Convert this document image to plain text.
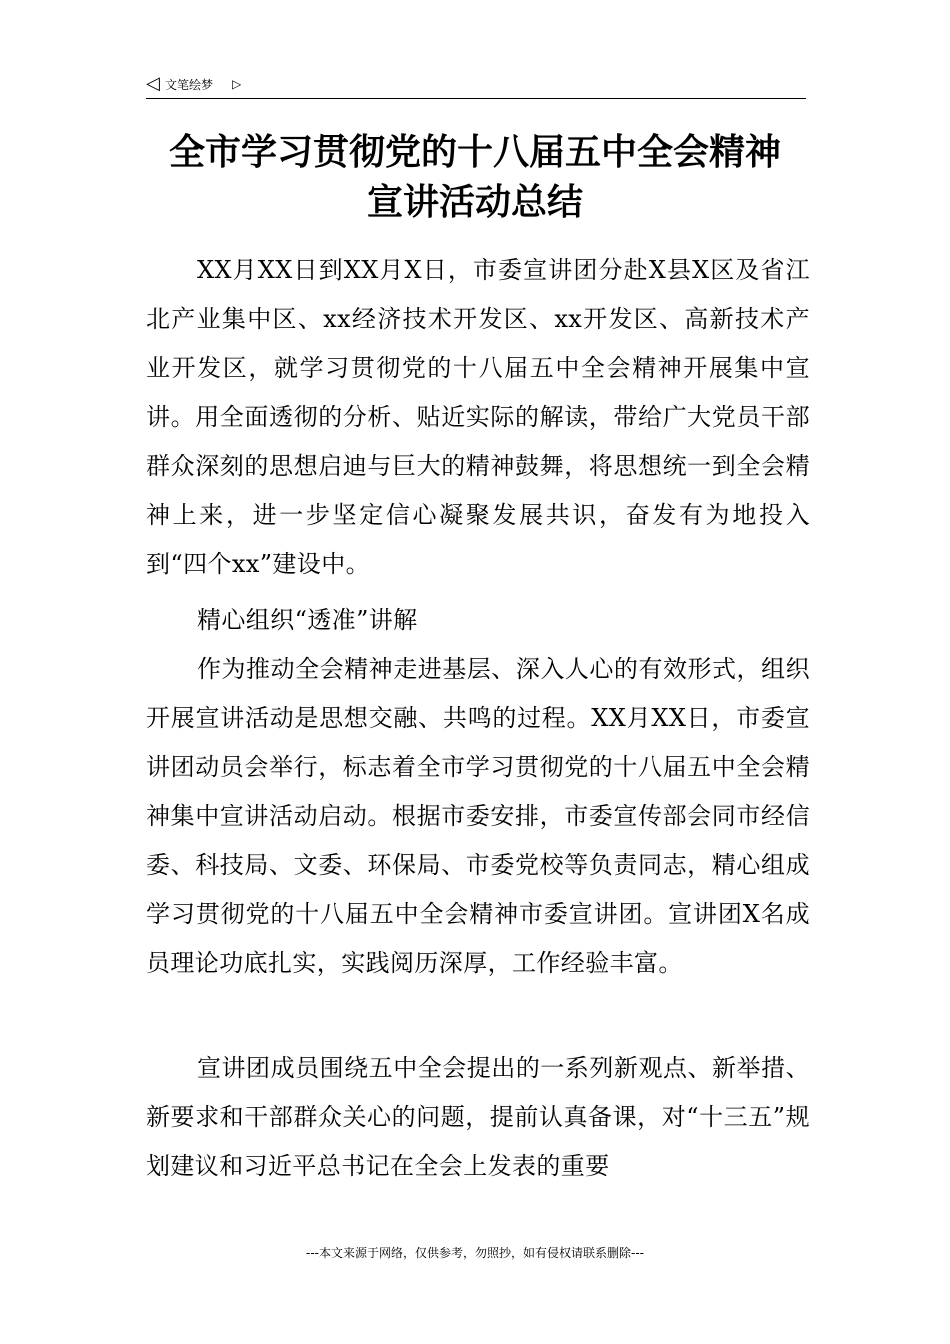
◁ 文笔绘梦 ▷
全市学习贯彻党的十八届五中全会精神
宣讲活动总结

XX月XX日到XX月X日，市委宣讲团分赴X县X区及省江北产业集中区、xx经济技术开发区、xx开发区、高新技术产业开发区，就学习贯彻党的十八届五中全会精神开展集中宣讲。用全面透彻的分析、贴近实际的解读，带给广大党员干部群众深刻的思想启迪与巨大的精神鼓舞，将思想统一到全会精神上来，进一步坚定信心凝聚发展共识，奋发有为地投入到“四个xx”建设中。

精心组织“透准”讲解

作为推动全会精神走进基层、深入人心的有效形式，组织开展宣讲活动是思想交融、共鸣的过程。XX月XX日，市委宣讲团动员会举行，标志着全市学习贯彻党的十八届五中全会精神集中宣讲活动启动。根据市委安排，市委宣传部会同市经信委、科技局、文委、环保局、市委党校等负责同志，精心组成学习贯彻党的十八届五中全会精神市委宣讲团。宣讲团X名成员理论功底扎实，实践阅历深厚，工作经验丰富。

宣讲团成员围绕五中全会提出的一系列新观点、新举措、新要求和干部群众关心的问题，提前认真备课，对“十三五”规划建议和习近平总书记在全会上发表的重要

---本文来源于网络，仅供参考，勿照抄，如有侵权请联系删除---
